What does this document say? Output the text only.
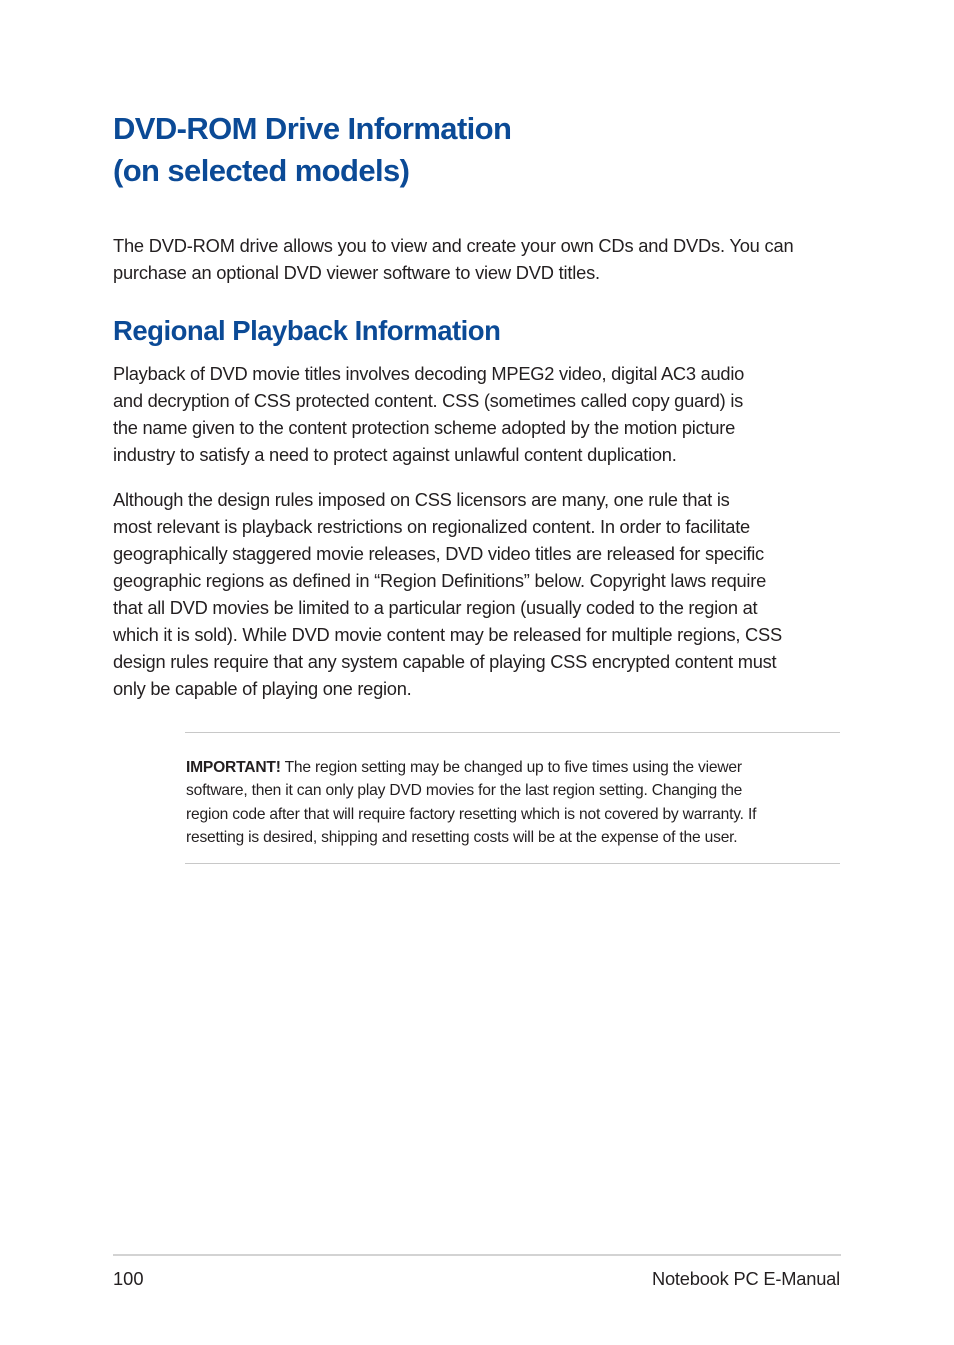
DVD-ROM Drive Information
(on selected models)

The DVD-ROM drive allows you to view and create your own CDs and DVDs. You can purchase an optional DVD viewer software to view DVD titles.

Regional Playback Information

Playback of DVD movie titles involves decoding MPEG2 video, digital AC3 audio
and decryption of CSS protected content. CSS (sometimes called copy guard) is
the name given to the content protection scheme adopted by the motion picture
industry to satisfy a need to protect against unlawful content duplication.

Although the design rules imposed on CSS licensors are many, one rule that is
most relevant is playback restrictions on regionalized content. In order to facilitate
geographically staggered movie releases, DVD video titles are released for specific
geographic regions as defined in “Region Definitions” below. Copyright laws require
that all DVD movies be limited to a particular region (usually coded to the region at
which it is sold). While DVD movie content may be released for multiple regions, CSS
design rules require that any system capable of playing CSS encrypted content must
only be capable of playing one region.

IMPORTANT! The region setting may be changed up to five times using the viewer
software, then it can only play DVD movies for the last region setting. Changing the
region code after that will require factory resetting which is not covered by warranty. If
resetting is desired, shipping and resetting costs will be at the expense of the user.

100	Notebook PC E-Manual
